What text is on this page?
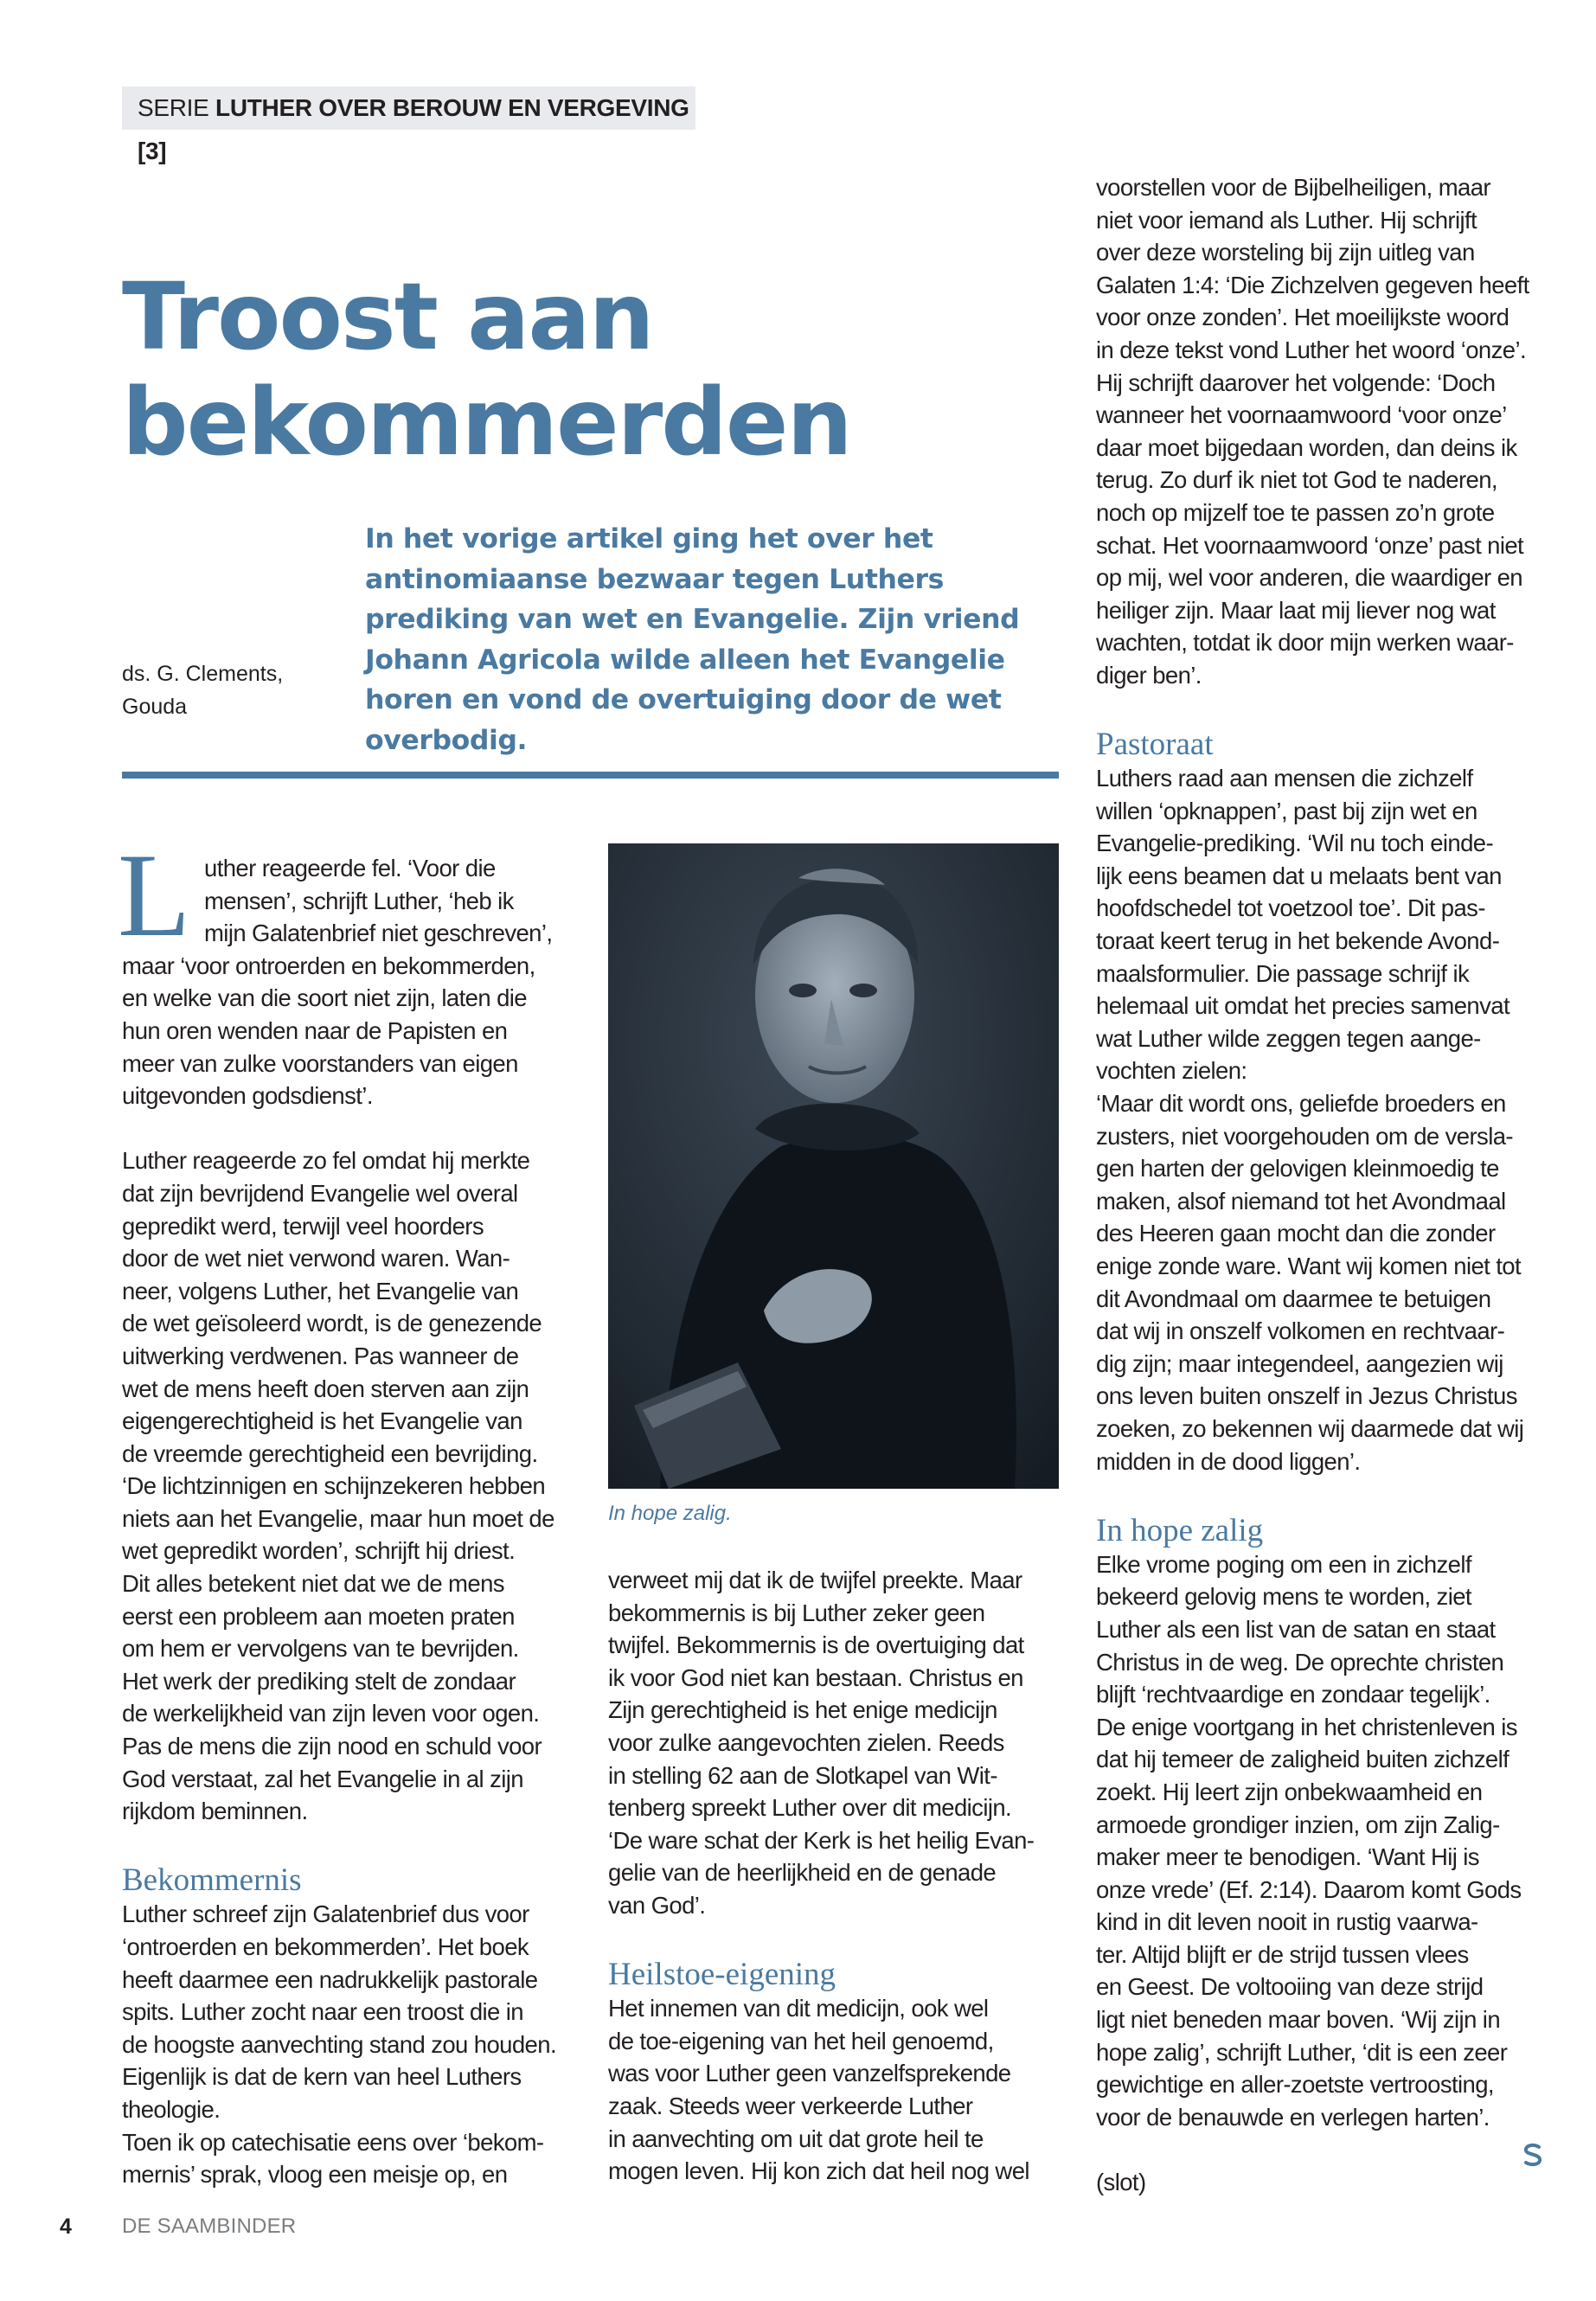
SERIE LUTHER OVER BEROUW EN VERGEVING [3]
Troost aan
bekommerden
ds. G. Clements,
Gouda
In het vorige artikel ging het over het antinomiaanse bezwaar tegen Luthers prediking van wet en Evangelie. Zijn vriend Johann Agricola wilde alleen het Evangelie horen en vond de overtuiging door de wet overbodig.
L uther reageerde fel. ‘Voor die
mensen’, schrijft Luther, ‘heb ik
mijn Galatenbrief niet geschreven’,
maar ‘voor ontroerden en bekommerden,
en welke van die soort niet zijn, laten die
hun oren wenden naar de Papisten en
meer van zulke voorstanders van eigen
uitgevonden godsdienst’.
Luther reageerde zo fel omdat hij merkte
dat zijn bevrijdend Evangelie wel overal
gepredikt werd, terwijl veel hoorders
door de wet niet verwond waren. Wan-
neer, volgens Luther, het Evangelie van
de wet geïsoleerd wordt, is de genezende
uitwerking verdwenen. Pas wanneer de
wet de mens heeft doen sterven aan zijn
eigengerechtigheid is het Evangelie van
de vreemde gerechtigheid een bevrijding.
‘De lichtzinnigen en schijnzekeren hebben
niets aan het Evangelie, maar hun moet de
wet gepredikt worden’, schrijft hij driest.
Dit alles betekent niet dat we de mens
eerst een probleem aan moeten praten
om hem er vervolgens van te bevrijden.
Het werk der prediking stelt de zondaar
de werkelijkheid van zijn leven voor ogen.
Pas de mens die zijn nood en schuld voor
God verstaat, zal het Evangelie in al zijn
rijkdom beminnen.
Bekommernis
Luther schreef zijn Galatenbrief dus voor
‘ontroerden en bekommerden’. Het boek
heeft daarmee een nadrukkelijk pastorale
spits. Luther zocht naar een troost die in
de hoogste aanvechting stand zou houden.
Eigenlijk is dat de kern van heel Luthers
theologie.
Toen ik op catechisatie eens over ‘bekom-
mernis’ sprak, vloog een meisje op, en
In hope zalig.
verweet mij dat ik de twijfel preekte. Maar
bekommernis is bij Luther zeker geen
twijfel. Bekommernis is de overtuiging dat
ik voor God niet kan bestaan. Christus en
Zijn gerechtigheid is het enige medicijn
voor zulke aangevochten zielen. Reeds
in stelling 62 aan de Slotkapel van Wit-
tenberg spreekt Luther over dit medicijn.
‘De ware schat der Kerk is het heilig Evan-
gelie van de heerlijkheid en de genade
van God’.
Heilstoe-eigening
Het innemen van dit medicijn, ook wel
de toe-eigening van het heil genoemd,
was voor Luther geen vanzelfsprekende
zaak. Steeds weer verkeerde Luther
in aanvechting om uit dat grote heil te
mogen leven. Hij kon zich dat heil nog wel
voorstellen voor de Bijbelheiligen, maar
niet voor iemand als Luther. Hij schrijft
over deze worsteling bij zijn uitleg van
Galaten 1:4: ‘Die Zichzelven gegeven heeft
voor onze zonden’. Het moeilijkste woord
in deze tekst vond Luther het woord ‘onze’.
Hij schrijft daarover het volgende: ‘Doch
wanneer het voornaamwoord ‘voor onze’
daar moet bijgedaan worden, dan deins ik
terug. Zo durf ik niet tot God te naderen,
noch op mijzelf toe te passen zo’n grote
schat. Het voornaamwoord ‘onze’ past niet
op mij, wel voor anderen, die waardiger en
heiliger zijn. Maar laat mij liever nog wat
wachten, totdat ik door mijn werken waar-
diger ben’.
Pastoraat
Luthers raad aan mensen die zichzelf
willen ‘opknappen’, past bij zijn wet en
Evangelie-prediking. ‘Wil nu toch einde-
lijk eens beamen dat u melaats bent van
hoofdschedel tot voetzool toe’. Dit pas-
toraat keert terug in het bekende Avond-
maalsformulier. Die passage schrijf ik
helemaal uit omdat het precies samenvat
wat Luther wilde zeggen tegen aange-
vochten zielen:
‘Maar dit wordt ons, geliefde broeders en
zusters, niet voorgehouden om de versla-
gen harten der gelovigen kleinmoedig te
maken, alsof niemand tot het Avondmaal
des Heeren gaan mocht dan die zonder
enige zonde ware. Want wij komen niet tot
dit Avondmaal om daarmee te betuigen
dat wij in onszelf volkomen en rechtvaar-
dig zijn; maar integendeel, aangezien wij
ons leven buiten onszelf in Jezus Christus
zoeken, zo bekennen wij daarmede dat wij
midden in de dood liggen’.
In hope zalig
Elke vrome poging om een in zichzelf
bekeerd gelovig mens te worden, ziet
Luther als een list van de satan en staat
Christus in de weg. De oprechte christen
blijft ‘rechtvaardige en zondaar tegelijk’.
De enige voortgang in het christenleven is
dat hij temeer de zaligheid buiten zichzelf
zoekt. Hij leert zijn onbekwaamheid en
armoede grondiger inzien, om zijn Zalig-
maker meer te benodigen. ‘Want Hij is
onze vrede’ (Ef. 2:14). Daarom komt Gods
kind in dit leven nooit in rustig vaarwa-
ter. Altijd blijft er de strijd tussen vlees
en Geest. De voltooiing van deze strijd
ligt niet beneden maar boven. ‘Wij zijn in
hope zalig’, schrijft Luther, ‘dit is een zeer
gewichtige en aller-zoetste vertroosting,
voor de benauwde en verlegen harten’.
(slot)
4 DE SAAMBINDER
